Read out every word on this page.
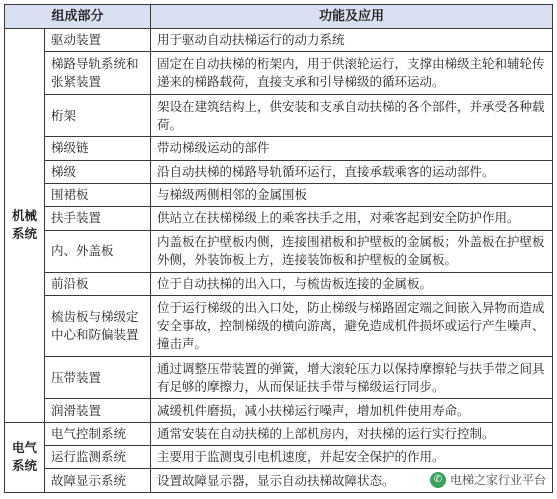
组成部分		功能及应用
机械系统	驱动装置	用于驱动自动扶梯运行的动力系统
	梯路导轨系统和张紧装置	固定在自动扶梯的桁架内，用于供滚轮运行，支撑由梯级主轮和辅轮传递来的梯路载荷，直接支承和引导梯级的循环运动。
	桁架	架设在建筑结构上，供安装和支承自动扶梯的各个部件，并承受各种载荷。
	梯级链	带动梯级运动的部件
	梯级	沿自动扶梯的梯路导轨循环运行，直接承载乘客的运动部件。
	围裙板	与梯级两侧相邻的金属围板
	扶手装置	供站立在扶梯梯级上的乘客扶手之用，对乘客起到安全防护作用。
	内、外盖板	内盖板在护壁板内侧，连接围裙板和护壁板的金属板；外盖板在护壁板外侧，外装饰板上方，连接装饰板和护壁板的金属板。
	前沿板	位于自动扶梯的出入口，与梳齿板连接的金属板。
	梳齿板与梯级定中心和防偏装置	位于运行梯级的出入口处，防止梯级与梯路固定端之间嵌入异物而造成安全事故，控制梯级的横向游离，避免造成机件损坏或运行产生噪声、撞击声。
	压带装置	通过调整压带装置的弹簧，增大滚轮压力以保持摩擦轮与扶手带之间具有足够的摩擦力，从而保证扶手带与梯级运行同步。
	润滑装置	减缓机件磨损，减小扶梯运行噪声，增加机件使用寿命。
电气系统	电气控制系统	通常安装在自动扶梯的上部机房内，对扶梯的运行实行控制。
	运行监测系统	主要用于监测曳引电机速度，并起安全保护的作用。
	故障显示系统	设置故障显示器，显示自动扶梯故障状态。	✆ 电梯之家行业平台
